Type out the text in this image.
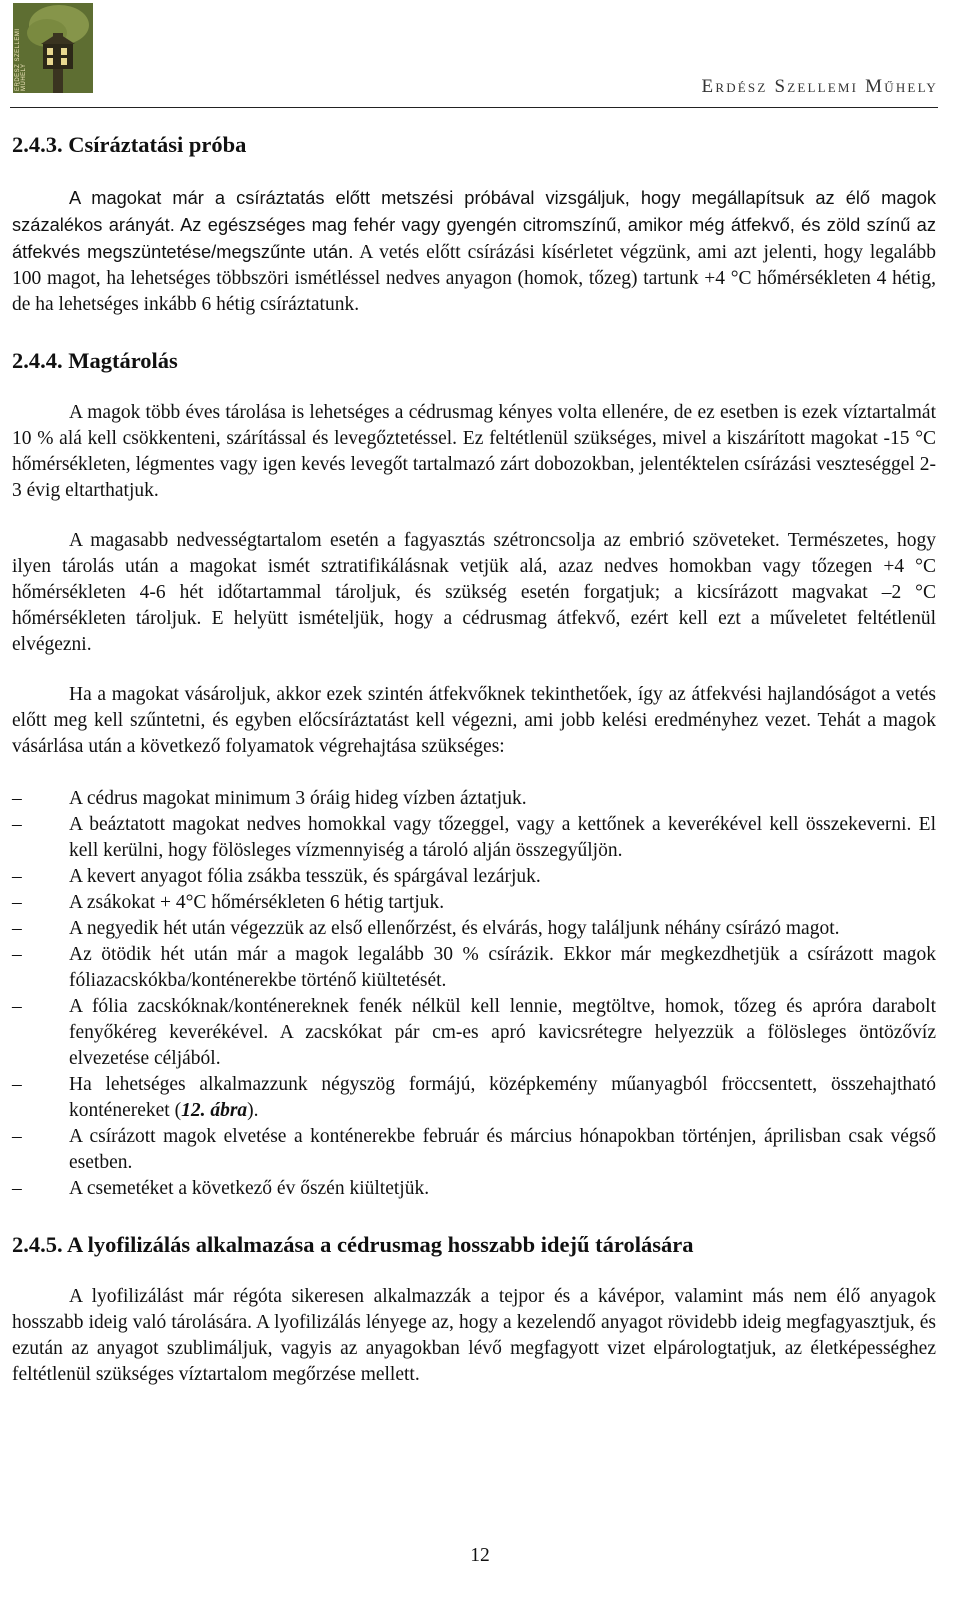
ERDÉSZ SZELLEMI MŰHELY	Erdész Szellemi Műhely
2.4.3. Csíráztatási próba

A magokat már a csíráztatás előtt metszési próbával vizsgáljuk, hogy megállapítsuk az élő magok százalékos arányát. Az egészséges mag fehér vagy gyengén citromszínű, amikor még átfekvő, és zöld színű az átfekvés megszüntetése/megszűnte után. A vetés előtt csírázási kísérletet végzünk, ami azt jelenti, hogy legalább 100 magot, ha lehetséges többszöri ismétléssel nedves anyagon (homok, tőzeg) tartunk +4 °C hőmérsékleten 4 hétig, de ha lehetséges inkább 6 hétig csíráztatunk.

2.4.4. Magtárolás

A magok több éves tárolása is lehetséges a cédrusmag kényes volta ellenére, de ez esetben is ezek víztartalmát 10 % alá kell csökkenteni, szárítással és levegőztetéssel. Ez feltétlenül szükséges, mivel a kiszárított magokat -15 °C hőmérsékleten, légmentes vagy igen kevés levegőt tartalmazó zárt dobozokban, jelentéktelen csírázási veszteséggel 2-3 évig eltarthatjuk.

A magasabb nedvességtartalom esetén a fagyasztás szétroncsolja az embrió szöveteket. Természetes, hogy ilyen tárolás után a magokat ismét sztratifikálásnak vetjük alá, azaz nedves homokban vagy tőzegen +4 °C hőmérsékleten 4-6 hét időtartammal tároljuk, és szükség esetén forgatjuk; a kicsírázott magvakat –2 °C hőmérsékleten tároljuk. E helyütt ismételjük, hogy a cédrusmag átfekvő, ezért kell ezt a műveletet feltétlenül elvégezni.

Ha a magokat vásároljuk, akkor ezek szintén átfekvőknek tekinthetőek, így az átfekvési hajlandóságot a vetés előtt meg kell szűntetni, és egyben előcsíráztatást kell végezni, ami jobb kelési eredményhez vezet. Tehát a magok vásárlása után a következő folyamatok végrehajtása szükséges:

–	A cédrus magokat minimum 3 óráig hideg vízben áztatjuk.
–	A beáztatott magokat nedves homokkal vagy tőzeggel, vagy a kettőnek a keverékével kell összekeverni. El kell kerülni, hogy fölösleges vízmennyiség a tároló alján összegyűljön.
–	A kevert anyagot fólia zsákba tesszük, és spárgával lezárjuk.
–	A zsákokat + 4°C hőmérsékleten 6 hétig tartjuk.
–	A negyedik hét után végezzük az első ellenőrzést, és elvárás, hogy találjunk néhány csírázó magot.
–	Az ötödik hét után már a magok legalább 30 % csírázik. Ekkor már megkezdhetjük a csírázott magok fóliazacskókba/konténerekbe történő kiültetését.
–	A fólia zacskóknak/konténereknek fenék nélkül kell lennie, megtöltve, homok, tőzeg és apróra darabolt fenyőkéreg keverékével. A zacskókat pár cm-es apró kavicsrétegre helyezzük a fölösleges öntözővíz elvezetése céljából.
–	Ha lehetséges alkalmazzunk négyszög formájú, középkemény műanyagból fröccsentett, összehajtható konténereket (12. ábra).
–	A csírázott magok elvetése a konténerekbe február és március hónapokban történjen, áprilisban csak végső esetben.
–	A csemetéket a következő év őszén kiültetjük.
2.4.5. A lyofilizálás alkalmazása a cédrusmag hosszabb idejű tárolására

A lyofilizálást már régóta sikeresen alkalmazzák a tejpor és a kávépor, valamint más nem élő anyagok hosszabb ideig való tárolására. A lyofilizálás lényege az, hogy a kezelendő anyagot rövidebb ideig megfagyasztjuk, és ezután az anyagot szublimáljuk, vagyis az anyagokban lévő megfagyott vizet elpárologtatjuk, az életképességhez feltétlenül szükséges víztartalom megőrzése mellett.

12
